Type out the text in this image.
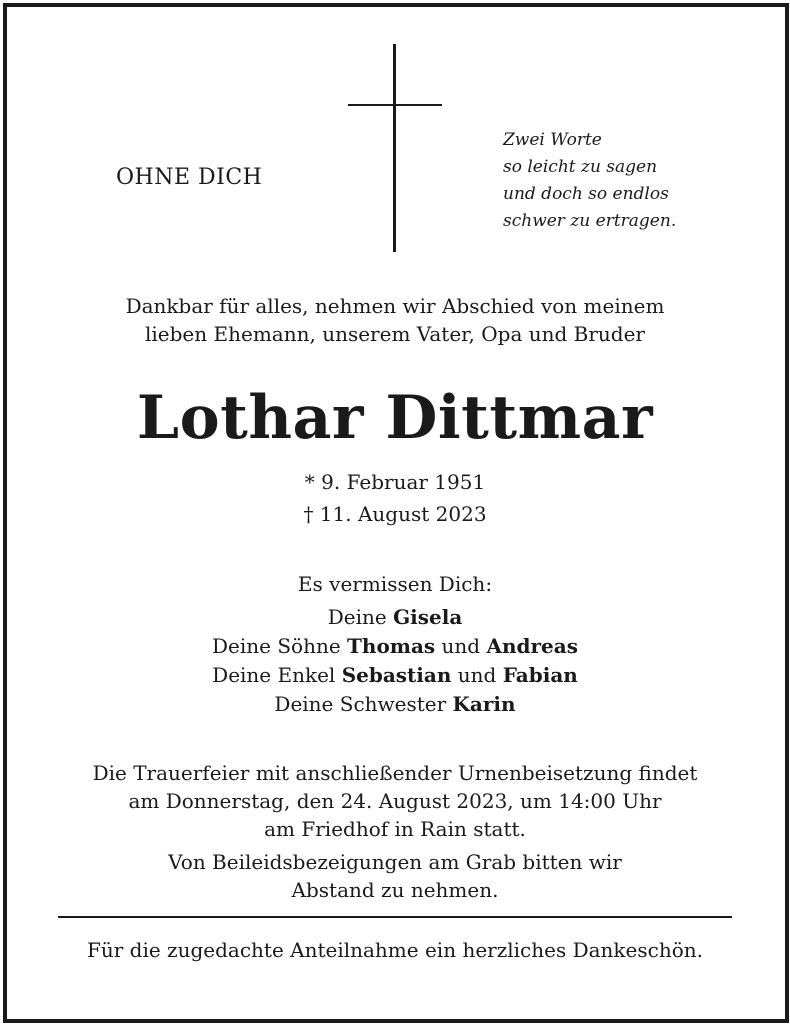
OHNE DICH
Zwei Worte
so leicht zu sagen
und doch so endlos
schwer zu ertragen.
Dankbar für alles, nehmen wir Abschied von meinem
lieben Ehemann, unserem Vater, Opa und Bruder
Lothar Dittmar
* 9. Februar 1951
† 11. August 2023
Es vermissen Dich:
Deine Gisela
Deine Söhne Thomas und Andreas
Deine Enkel Sebastian und Fabian
Deine Schwester Karin
Die Trauerfeier mit anschließender Urnenbeisetzung findet
am Donnerstag, den 24. August 2023, um 14:00 Uhr
am Friedhof in Rain statt.
Von Beileidsbezeigungen am Grab bitten wir
Abstand zu nehmen.
Für die zugedachte Anteilnahme ein herzliches Dankeschön.
